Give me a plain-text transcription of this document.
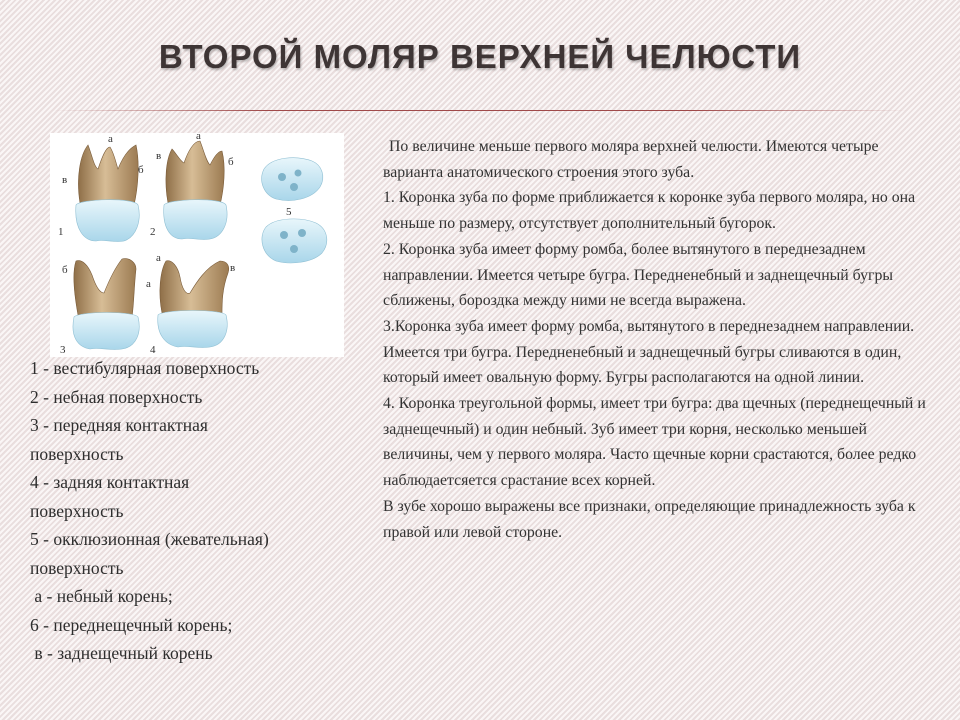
ВТОРОЙ МОЛЯР ВЕРХНЕЙ ЧЕЛЮСТИ
а
в
б
1
а
в	б
2
б
а
3
а
в
4
5
1 - вестибулярная поверхность
2 - небная поверхность
3 - передняя контактная
поверхность
4 - задняя контактная
поверхность
5 - окклюзионная (жевательная)
поверхность
а - небный корень;
6 - переднещечный корень;
в - заднещечный корень

По величине меньше первого моляра верхней челюсти. Имеются четыре варианта анатомического строения этого зуба.

1. Коронка зуба по форме приближается к коронке зуба первого моляра, но она меньше по размеру, отсутствует дополнительный бугорок.

2. Коронка зуба имеет форму ромба, более вытянутого в переднезаднем направлении. Имеется четыре бугра. Передненебный и заднещечный бугры сближены, бороздка между ними не всегда выражена.

3.Коронка зуба имеет форму ромба, вытянутого в переднезаднем направлении. Имеется три бугра. Передненебный и заднещечный бугры сливаются в один, который имеет овальную форму. Бугры располагаются на одной линии.

4. Коронка треугольной формы, имеет три бугра: два щечных (переднещечный и заднещечный) и один небный. Зуб имеет три корня, несколько меньшей величины, чем у первого моляра. Часто щечные корни срастаются, более редко наблюдаетсяется срастание всех корней.

В зубе хорошо выражены все признаки, определяющие принадлежность зуба к правой или левой стороне.
